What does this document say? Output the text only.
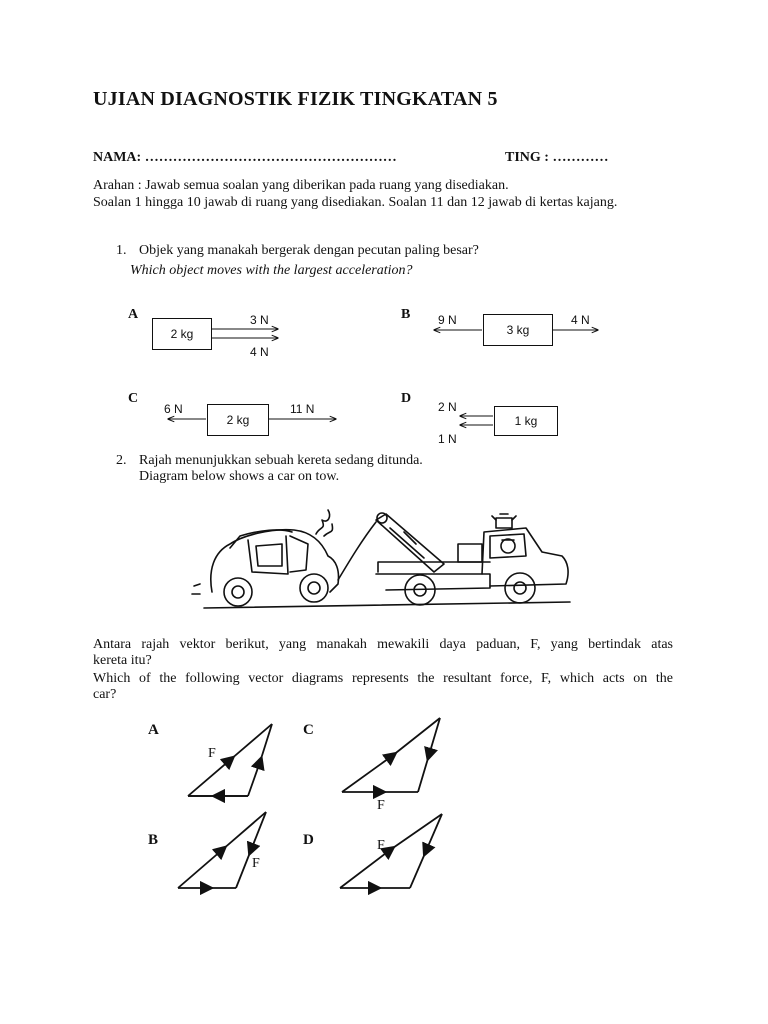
UJIAN DIAGNOSTIK FIZIK TINGKATAN 5
NAMA: ………………………………………………	TING : …………
Arahan : Jawab semua soalan yang diberikan pada ruang yang disediakan.
Soalan 1 hingga 10 jawab di ruang yang disediakan. Soalan 11 dan 12 jawab di kertas kajang.
1. Objek yang manakah bergerak dengan pecutan paling besar?
Which object moves with the largest acceleration?
A
2 kg
3 N
4 N
B
3 kg
9 N	4 N
C
2 kg
6 N	11 N
D
1 kg
2 N
1 N
2. Rajah menunjukkan sebuah kereta sedang ditunda.
Diagram below shows a car on tow.
Antara rajah vektor berikut, yang manakah mewakili daya paduan, F, yang bertindak atas
kereta itu?
Which of the following vector diagrams represents the resultant force, F, which acts on the
car?
A	C
B	D
F
F
F
F
